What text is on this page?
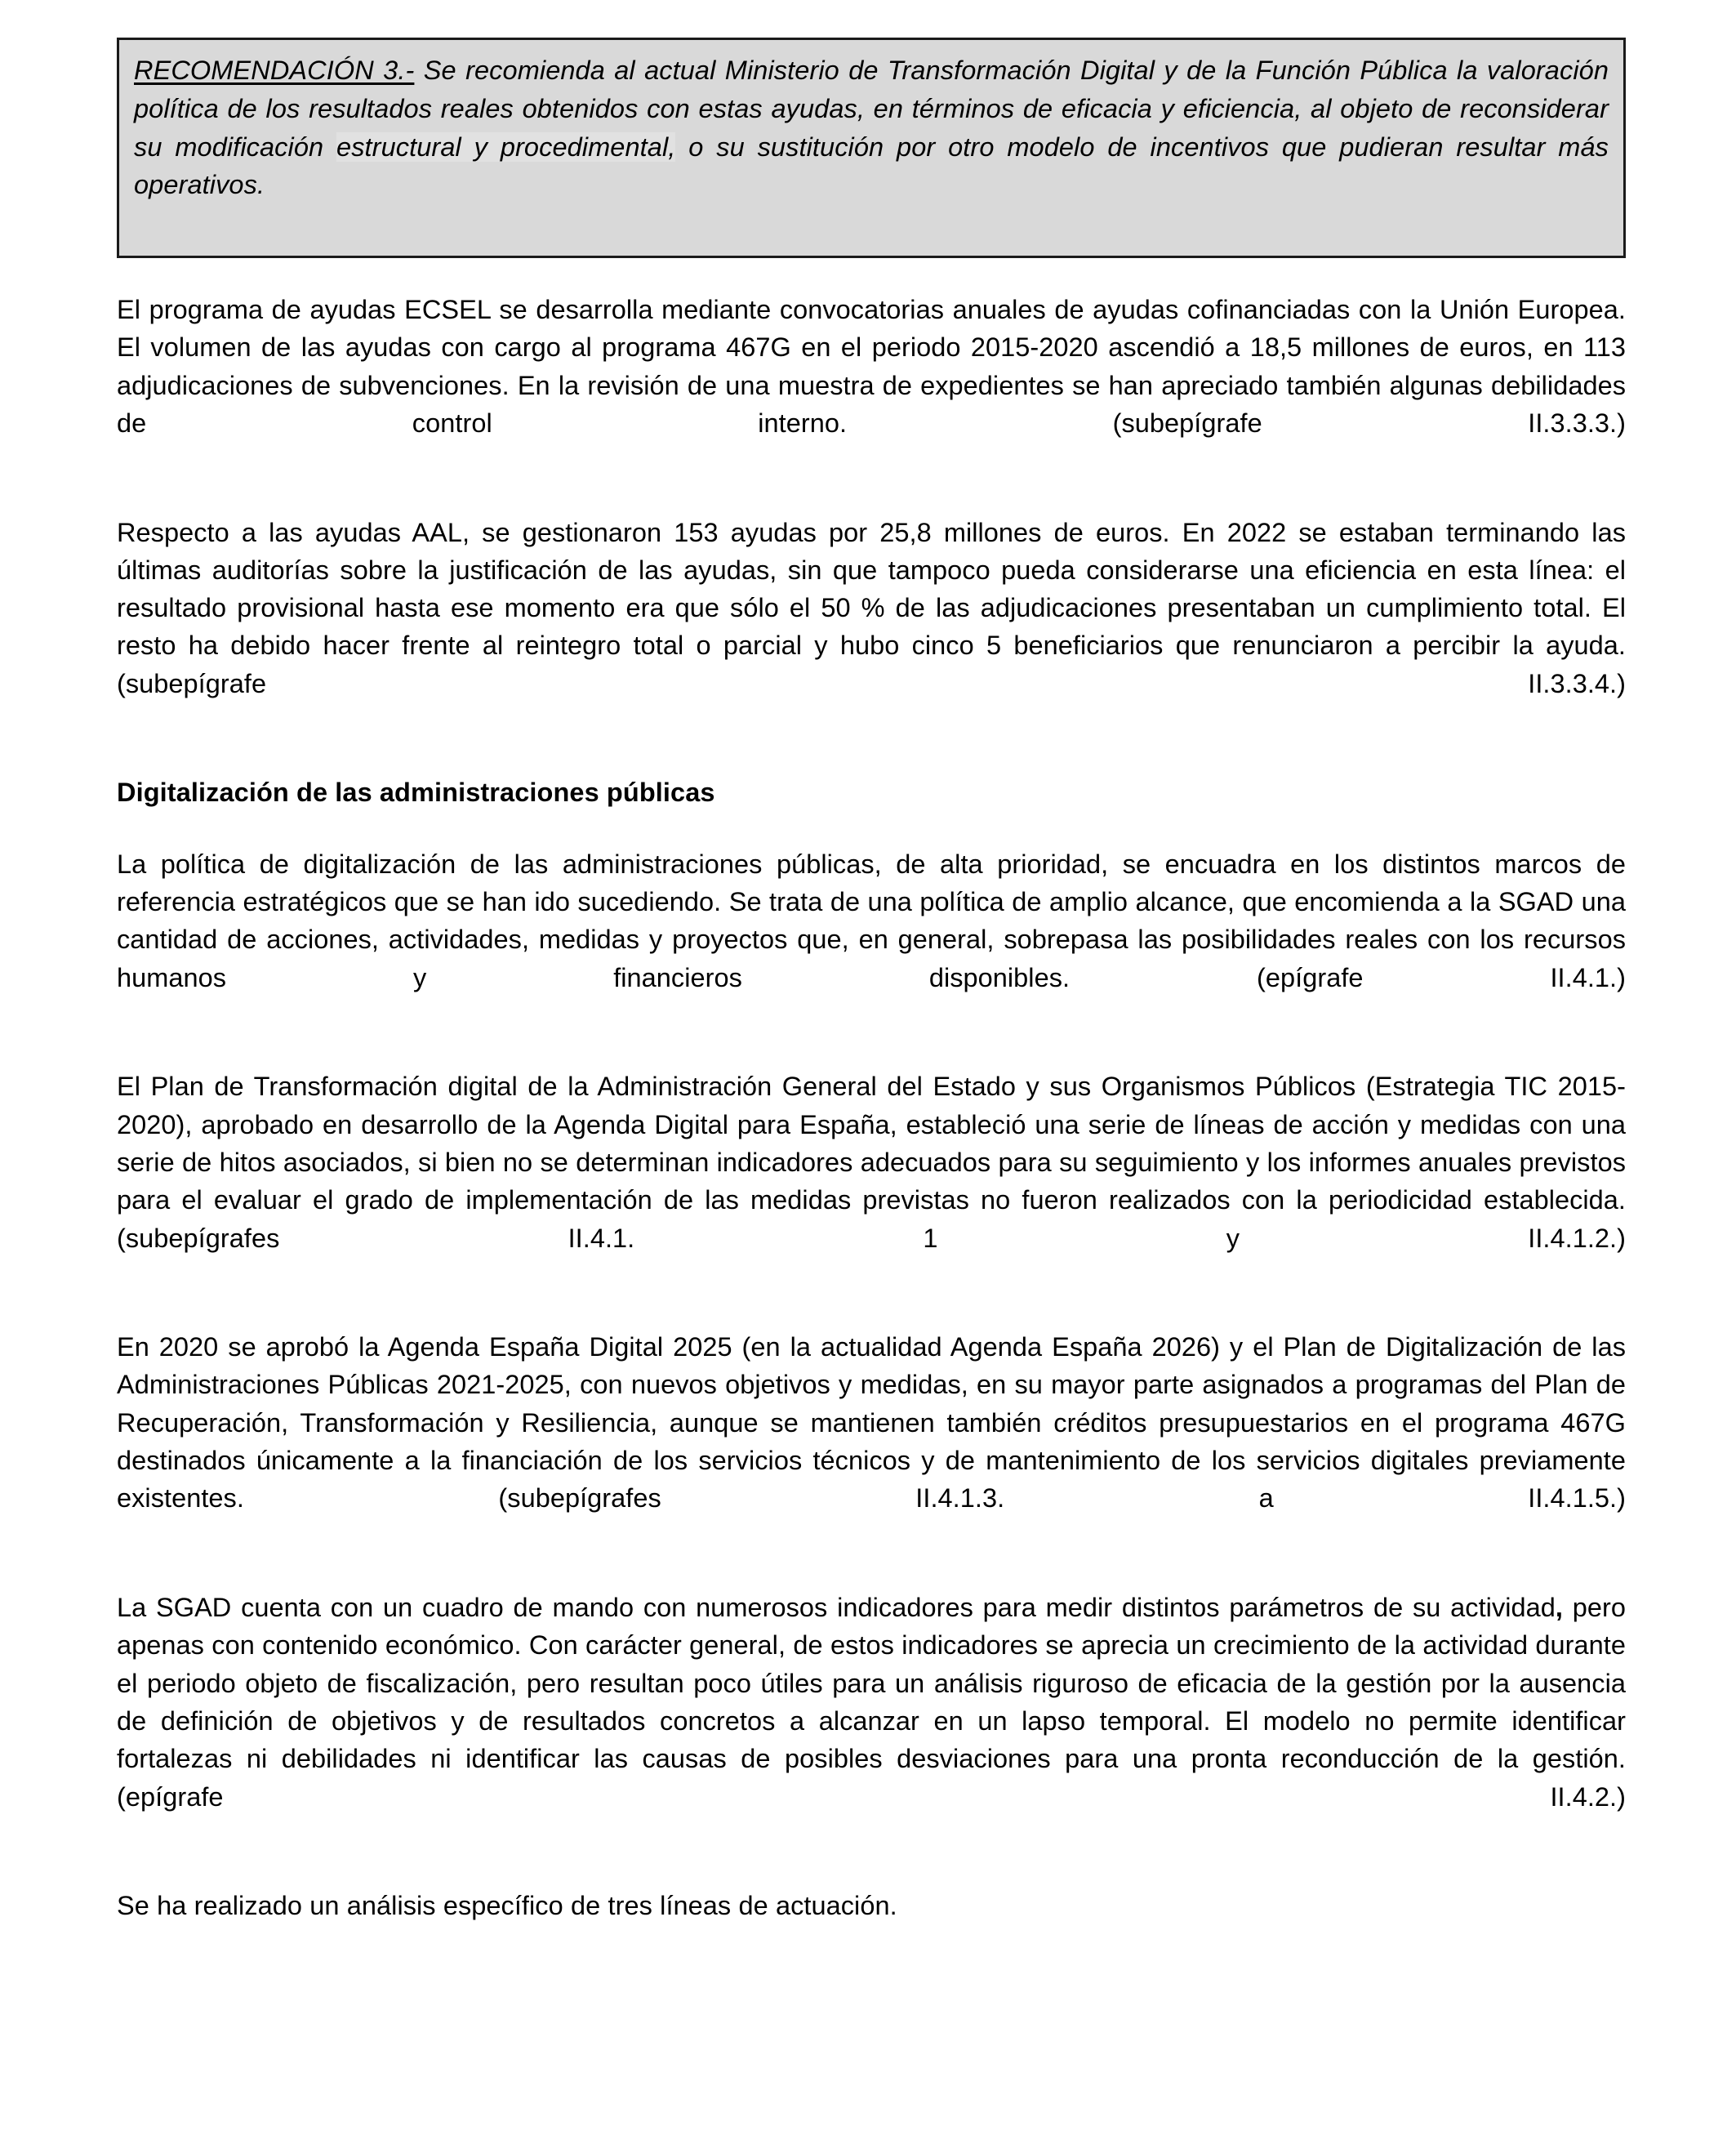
RECOMENDACIÓN 3.- Se recomienda al actual Ministerio de Transformación Digital y de la Función Pública la valoración política de los resultados reales obtenidos con estas ayudas, en términos de eficacia y eficiencia, al objeto de reconsiderar su modificación estructural y procedimental, o su sustitución por otro modelo de incentivos que pudieran resultar más operativos.

El programa de ayudas ECSEL se desarrolla mediante convocatorias anuales de ayudas cofinanciadas con la Unión Europea. El volumen de las ayudas con cargo al programa 467G en el periodo 2015-2020 ascendió a 18,5 millones de euros, en 113 adjudicaciones de subvenciones. En la revisión de una muestra de expedientes se han apreciado también algunas debilidades de control interno. (subepígrafe II.3.3.3.)

Respecto a las ayudas AAL, se gestionaron 153 ayudas por 25,8 millones de euros. En 2022 se estaban terminando las últimas auditorías sobre la justificación de las ayudas, sin que tampoco pueda considerarse una eficiencia en esta línea: el resultado provisional hasta ese momento era que sólo el 50 % de las adjudicaciones presentaban un cumplimiento total. El resto ha debido hacer frente al reintegro total o parcial y hubo cinco 5 beneficiarios que renunciaron a percibir la ayuda. (subepígrafe II.3.3.4.)

Digitalización de las administraciones públicas

La política de digitalización de las administraciones públicas, de alta prioridad, se encuadra en los distintos marcos de referencia estratégicos que se han ido sucediendo. Se trata de una política de amplio alcance, que encomienda a la SGAD una cantidad de acciones, actividades, medidas y proyectos que, en general, sobrepasa las posibilidades reales con los recursos humanos y financieros disponibles. (epígrafe II.4.1.)

El Plan de Transformación digital de la Administración General del Estado y sus Organismos Públicos (Estrategia TIC 2015-2020), aprobado en desarrollo de la Agenda Digital para España, estableció una serie de líneas de acción y medidas con una serie de hitos asociados, si bien no se determinan indicadores adecuados para su seguimiento y los informes anuales previstos para el evaluar el grado de implementación de las medidas previstas no fueron realizados con la periodicidad establecida. (subepígrafes II.4.1. 1 y II.4.1.2.)

En 2020 se aprobó la Agenda España Digital 2025 (en la actualidad Agenda España 2026) y el Plan de Digitalización de las Administraciones Públicas 2021-2025, con nuevos objetivos y medidas, en su mayor parte asignados a programas del Plan de Recuperación, Transformación y Resiliencia, aunque se mantienen también créditos presupuestarios en el programa 467G destinados únicamente a la financiación de los servicios técnicos y de mantenimiento de los servicios digitales previamente existentes. (subepígrafes II.4.1.3. a II.4.1.5.)

La SGAD cuenta con un cuadro de mando con numerosos indicadores para medir distintos parámetros de su actividad, pero apenas con contenido económico. Con carácter general, de estos indicadores se aprecia un crecimiento de la actividad durante el periodo objeto de fiscalización, pero resultan poco útiles para un análisis riguroso de eficacia de la gestión por la ausencia de definición de objetivos y de resultados concretos a alcanzar en un lapso temporal. El modelo no permite identificar fortalezas ni debilidades ni identificar las causas de posibles desviaciones para una pronta reconducción de la gestión. (epígrafe II.4.2.)

Se ha realizado un análisis específico de tres líneas de actuación.
